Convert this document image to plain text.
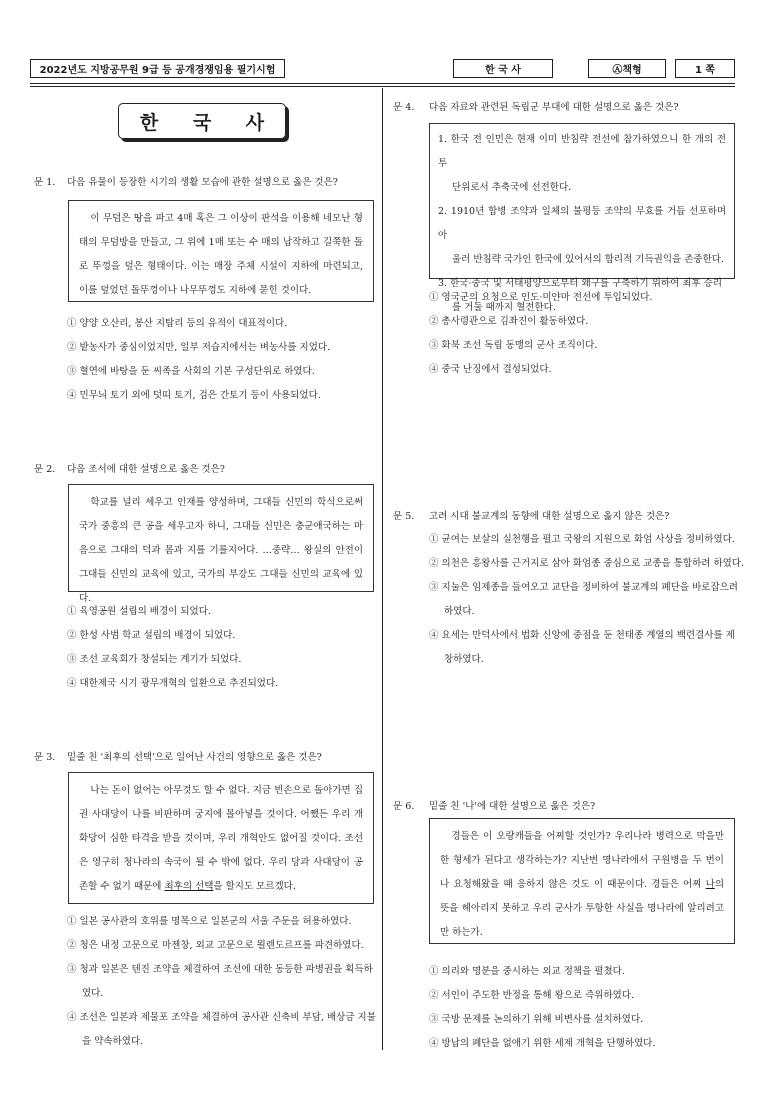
2022년도 지방공무원 9급 등 공개경쟁임용 필기시험	한 국 사	Ⓐ책형	1 쪽
한 국 사
문 1. 다음 유물이 등장한 시기의 생활 모습에 관한 설명으로 옳은 것은?

이 무덤은 땅을 파고 4매 혹은 그 이상이 판석을 이용해 네모난 형태의 무덤방을 만들고, 그 위에 1매 또는 수 매의 납작하고 길쭉한 돌로 뚜껑을 덮은 형태이다. 이는 매장 주체 시설이 지하에 마련되고, 이를 덮었던 돌뚜껑이나 나무뚜껑도 지하에 묻힌 것이다.

① 양양 오산리, 봉산 지탑리 등의 유적이 대표적이다.
② 밭농사가 중심이었지만, 일부 저습지에서는 벼농사를 지었다.
③ 혈연에 바탕을 둔 씨족을 사회의 기본 구성단위로 하였다.
④ 민무늬 토기 외에 덧띠 토기, 검은 간토기 등이 사용되었다.
문 2. 다음 조서에 대한 설명으로 옳은 것은?

학교를 널리 세우고 인재를 양성하며, 그대들 신민의 학식으로써 국가 중흥의 큰 공을 세우고자 하니, 그대들 신민은 충군애국하는 마음으로 그대의 덕과 몸과 지를 기를지어다. …중략… 왕실의 안전이 그대들 신민의 교육에 있고, 국가의 부강도 그대들 신민의 교육에 있다.

① 육영공원 설립의 배경이 되었다.
② 한성 사범 학교 설립의 배경이 되었다.
③ 조선 교육회가 창설되는 계기가 되었다.
④ 대한제국 시기 광무개혁의 일환으로 추진되었다.
문 3. 밑줄 친 '최후의 선택'으로 일어난 사건의 영향으로 옳은 것은?

나는 돈이 없어는 아무것도 할 수 없다. 지금 빈손으로 돌아가면 집권 사대당이 나를 비판하며 궁지에 몰아넣을 것이다. 어쨌든 우리 개화당이 심한 타격을 받을 것이며, 우리 개혁안도 없어질 것이다. 조선은 영구히 청나라의 속국이 될 수 밖에 없다. 우리 당과 사대당이 공존할 수 없기 때문에 최후의 선택을 할지도 모르겠다.

① 일본 공사관의 호위를 명목으로 일본군의 서울 주둔을 허용하였다.
② 청은 내정 고문으로 마젠창, 외교 고문으로 묄렌도르프를 파견하였다.
③ 청과 일본은 텐진 조약을 체결하여 조선에 대한 동등한 파병권을 획득하
였다.
④ 조선은 일본과 제물포 조약을 체결하여 공사관 신축비 부담, 배상금 지불
을 약속하였다.
문 4. 다음 자료와 관련된 독립군 부대에 대한 설명으로 옳은 것은?

1. 한국 전 인민은 현재 이미 반침략 전선에 참가하였으니 한 개의 전투

단위로서 추축국에 선전한다.

2. 1910년 합병 조약과 일체의 불평등 조약의 무효를 거듭 선포하며 아

울러 반침략 국가인 한국에 있어서의 합리적 기득권익을 존중한다.

3. 한국·중국 및 서태평양으로부터 왜구를 구축하기 위하여 최후 승리

를 거둘 때까지 혈전한다.

① 영국군의 요청으로 인도·미얀마 전선에 투입되었다.
② 총사령관으로 김좌진이 활동하였다.
③ 화북 조선 독립 동맹의 군사 조직이다.
④ 중국 난징에서 결성되었다.
문 5. 고려 시대 불교계의 동향에 대한 설명으로 옳지 않은 것은?
① 균여는 보살의 실천행을 펼고 국왕의 지원으로 화엄 사상을 정비하였다.
② 의천은 흥왕사를 근거지로 삼아 화엄종 중심으로 교종을 통합하려 하였다.
③ 지눌은 임제종을 들여오고 교단을 정비하여 불교계의 폐단을 바로잡으려
하였다.
④ 요세는 만덕사에서 법화 신앙에 중점을 둔 천태종 계열의 백련결사를 제
창하였다.
문 6. 밑줄 친 '나'에 대한 설명으로 옳은 것은?

경들은 이 오랑캐들을 어찌할 것인가? 우리나라 병력으로 막을만한 형세가 된다고 생각하는가? 지난번 명나라에서 구원병을 두 번이나 요청해왔을 때 응하지 않은 것도 이 때문이다. 경들은 어찌 나의 뜻을 헤아리지 못하고 우리 군사가 투항한 사실을 명나라에 알리려고만 하는가.

① 의리와 명분을 중시하는 외교 정책을 펼쳤다.
② 서인이 주도한 반정을 통해 왕으로 즉위하였다.
③ 국방 문제를 논의하기 위해 비변사를 설치하였다.
④ 방납의 폐단을 없애기 위한 세제 개혁을 단행하였다.
